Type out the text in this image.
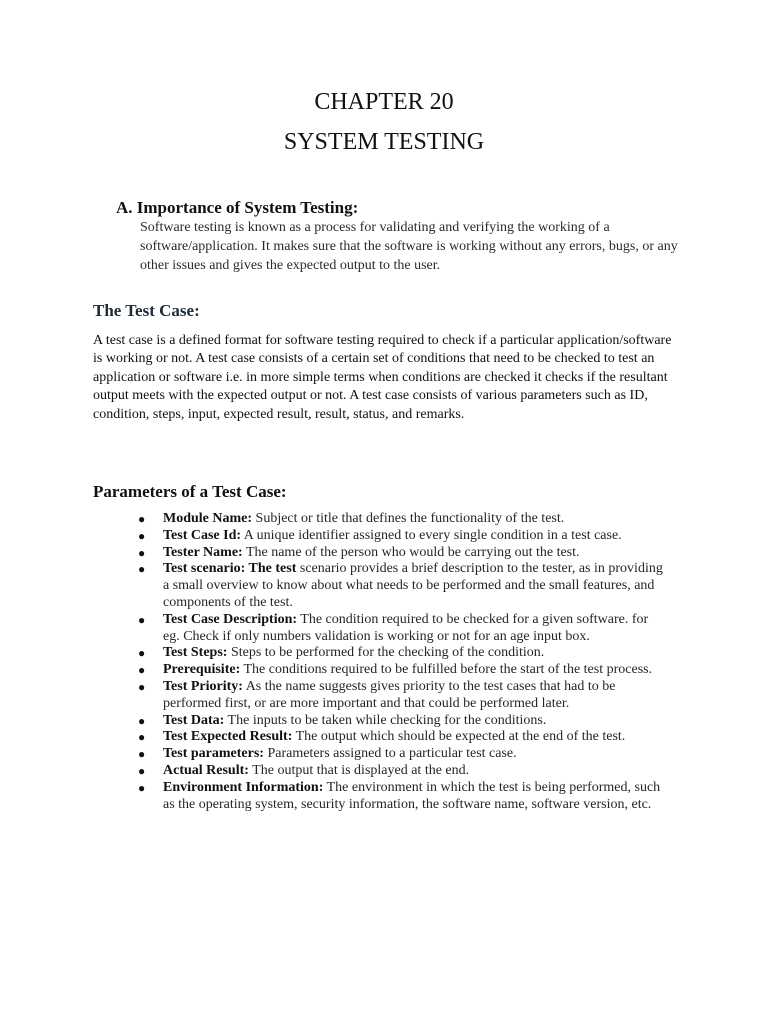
CHAPTER 20
SYSTEM TESTING
A. Importance of System Testing:
Software testing is known as a process for validating and verifying the working of a software/application. It makes sure that the software is working without any errors, bugs, or any other issues and gives the expected output to the user.
The Test Case:
A test case is a defined format for software testing required to check if a particular application/software is working or not. A test case consists of a certain set of conditions that need to be checked to test an application or software i.e. in more simple terms when conditions are checked it checks if the resultant output meets with the expected output or not. A test case consists of various parameters such as ID, condition, steps, input, expected result, result, status, and remarks.
Parameters of a Test Case:
● Module Name: Subject or title that defines the functionality of the test.
● Test Case Id: A unique identifier assigned to every single condition in a test case.
● Tester Name: The name of the person who would be carrying out the test.
● Test scenario: The test scenario provides a brief description to the tester, as in providing a small overview to know about what needs to be performed and the small features, and components of the test.
● Test Case Description: The condition required to be checked for a given software. for eg. Check if only numbers validation is working or not for an age input box.
● Test Steps: Steps to be performed for the checking of the condition.
● Prerequisite: The conditions required to be fulfilled before the start of the test process.
● Test Priority: As the name suggests gives priority to the test cases that had to be performed first, or are more important and that could be performed later.
● Test Data: The inputs to be taken while checking for the conditions.
● Test Expected Result: The output which should be expected at the end of the test.
● Test parameters: Parameters assigned to a particular test case.
● Actual Result: The output that is displayed at the end.
● Environment Information: The environment in which the test is being performed, such as the operating system, security information, the software name, software version, etc.
